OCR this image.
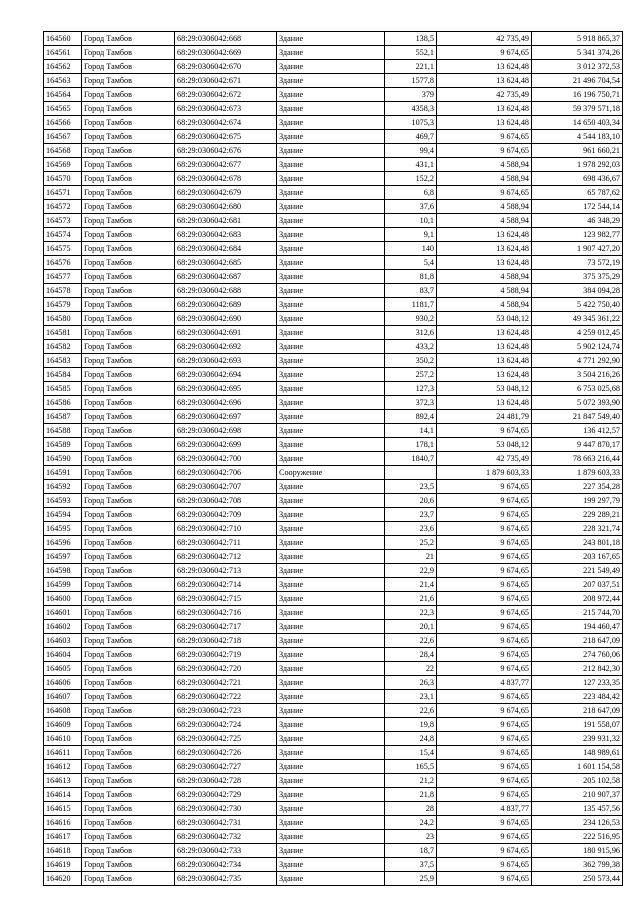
164560	Город Тамбов	68:29:0306042:668	Здание	138,5	42 735,49	5 918 865,37
164561	Город Тамбов	68:29:0306042:669	Здание	552,1	9 674,65	5 341 374,26
164562	Город Тамбов	68:29:0306042:670	Здание	221,1	13 624,48	3 012 372,53
164563	Город Тамбов	68:29:0306042:671	Здание	1577,8	13 624,48	21 496 704,54
164564	Город Тамбов	68:29:0306042:672	Здание	379	42 735,49	16 196 750,71
164565	Город Тамбов	68:29:0306042:673	Здание	4358,3	13 624,48	59 379 571,18
164566	Город Тамбов	68:29:0306042:674	Здание	1075,3	13 624,48	14 650 403,34
164567	Город Тамбов	68:29:0306042:675	Здание	469,7	9 674,65	4 544 183,10
164568	Город Тамбов	68:29:0306042:676	Здание	99,4	9 674,65	961 660,21
164569	Город Тамбов	68:29:0306042:677	Здание	431,1	4 588,94	1 978 292,03
164570	Город Тамбов	68:29:0306042:678	Здание	152,2	4 588,94	698 436,67
164571	Город Тамбов	68:29:0306042:679	Здание	6,8	9 674,65	65 787,62
164572	Город Тамбов	68:29:0306042:680	Здание	37,6	4 588,94	172 544,14
164573	Город Тамбов	68:29:0306042:681	Здание	10,1	4 588,94	46 348,29
164574	Город Тамбов	68:29:0306042:683	Здание	9,1	13 624,48	123 982,77
164575	Город Тамбов	68:29:0306042:684	Здание	140	13 624,48	1 907 427,20
164576	Город Тамбов	68:29:0306042:685	Здание	5,4	13 624,48	73 572,19
164577	Город Тамбов	68:29:0306042:687	Здание	81,8	4 588,94	375 375,29
164578	Город Тамбов	68:29:0306042:688	Здание	83,7	4 588,94	384 094,28
164579	Город Тамбов	68:29:0306042:689	Здание	1181,7	4 588,94	5 422 750,40
164580	Город Тамбов	68:29:0306042:690	Здание	930,2	53 048,12	49 345 361,22
164581	Город Тамбов	68:29:0306042:691	Здание	312,6	13 624,48	4 259 012,45
164582	Город Тамбов	68:29:0306042:692	Здание	433,2	13 624,48	5 902 124,74
164583	Город Тамбов	68:29:0306042:693	Здание	350,2	13 624,48	4 771 292,90
164584	Город Тамбов	68:29:0306042:694	Здание	257,2	13 624,48	3 504 216,26
164585	Город Тамбов	68:29:0306042:695	Здание	127,3	53 048,12	6 753 025,68
164586	Город Тамбов	68:29:0306042:696	Здание	372,3	13 624,48	5 072 393,90
164587	Город Тамбов	68:29:0306042:697	Здание	892,4	24 481,79	21 847 549,40
164588	Город Тамбов	68:29:0306042:698	Здание	14,1	9 674,65	136 412,57
164589	Город Тамбов	68:29:0306042:699	Здание	178,1	53 048,12	9 447 870,17
164590	Город Тамбов	68:29:0306042:700	Здание	1840,7	42 735,49	78 663 216,44
164591	Город Тамбов	68:29:0306042:706	Сооружение		1 879 603,33	1 879 603,33
164592	Город Тамбов	68:29:0306042:707	Здание	23,5	9 674,65	227 354,28
164593	Город Тамбов	68:29:0306042:708	Здание	20,6	9 674,65	199 297,79
164594	Город Тамбов	68:29:0306042:709	Здание	23,7	9 674,65	229 289,21
164595	Город Тамбов	68:29:0306042:710	Здание	23,6	9 674,65	228 321,74
164596	Город Тамбов	68:29:0306042:711	Здание	25,2	9 674,65	243 801,18
164597	Город Тамбов	68:29:0306042:712	Здание	21	9 674,65	203 167,65
164598	Город Тамбов	68:29:0306042:713	Здание	22,9	9 674,65	221 549,49
164599	Город Тамбов	68:29:0306042:714	Здание	21,4	9 674,65	207 037,51
164600	Город Тамбов	68:29:0306042:715	Здание	21,6	9 674,65	208 972,44
164601	Город Тамбов	68:29:0306042:716	Здание	22,3	9 674,65	215 744,70
164602	Город Тамбов	68:29:0306042:717	Здание	20,1	9 674,65	194 460,47
164603	Город Тамбов	68:29:0306042:718	Здание	22,6	9 674,65	218 647,09
164604	Город Тамбов	68:29:0306042:719	Здание	28,4	9 674,65	274 760,06
164605	Город Тамбов	68:29:0306042:720	Здание	22	9 674,65	212 842,30
164606	Город Тамбов	68:29:0306042:721	Здание	26,3	4 837,77	127 233,35
164607	Город Тамбов	68:29:0306042:722	Здание	23,1	9 674,65	223 484,42
164608	Город Тамбов	68:29:0306042:723	Здание	22,6	9 674,65	218 647,09
164609	Город Тамбов	68:29:0306042:724	Здание	19,8	9 674,65	191 558,07
164610	Город Тамбов	68:29:0306042:725	Здание	24,8	9 674,65	239 931,32
164611	Город Тамбов	68:29:0306042:726	Здание	15,4	9 674,65	148 989,61
164612	Город Тамбов	68:29:0306042:727	Здание	165,5	9 674,65	1 601 154,58
164613	Город Тамбов	68:29:0306042:728	Здание	21,2	9 674,65	205 102,58
164614	Город Тамбов	68:29:0306042:729	Здание	21,8	9 674,65	210 907,37
164615	Город Тамбов	68:29:0306042:730	Здание	28	4 837,77	135 457,56
164616	Город Тамбов	68:29:0306042:731	Здание	24,2	9 674,65	234 126,53
164617	Город Тамбов	68:29:0306042:732	Здание	23	9 674,65	222 516,95
164618	Город Тамбов	68:29:0306042:733	Здание	18,7	9 674,65	180 915,96
164619	Город Тамбов	68:29:0306042:734	Здание	37,5	9 674,65	362 799,38
164620	Город Тамбов	68:29:0306042:735	Здание	25,9	9 674,65	250 573,44
